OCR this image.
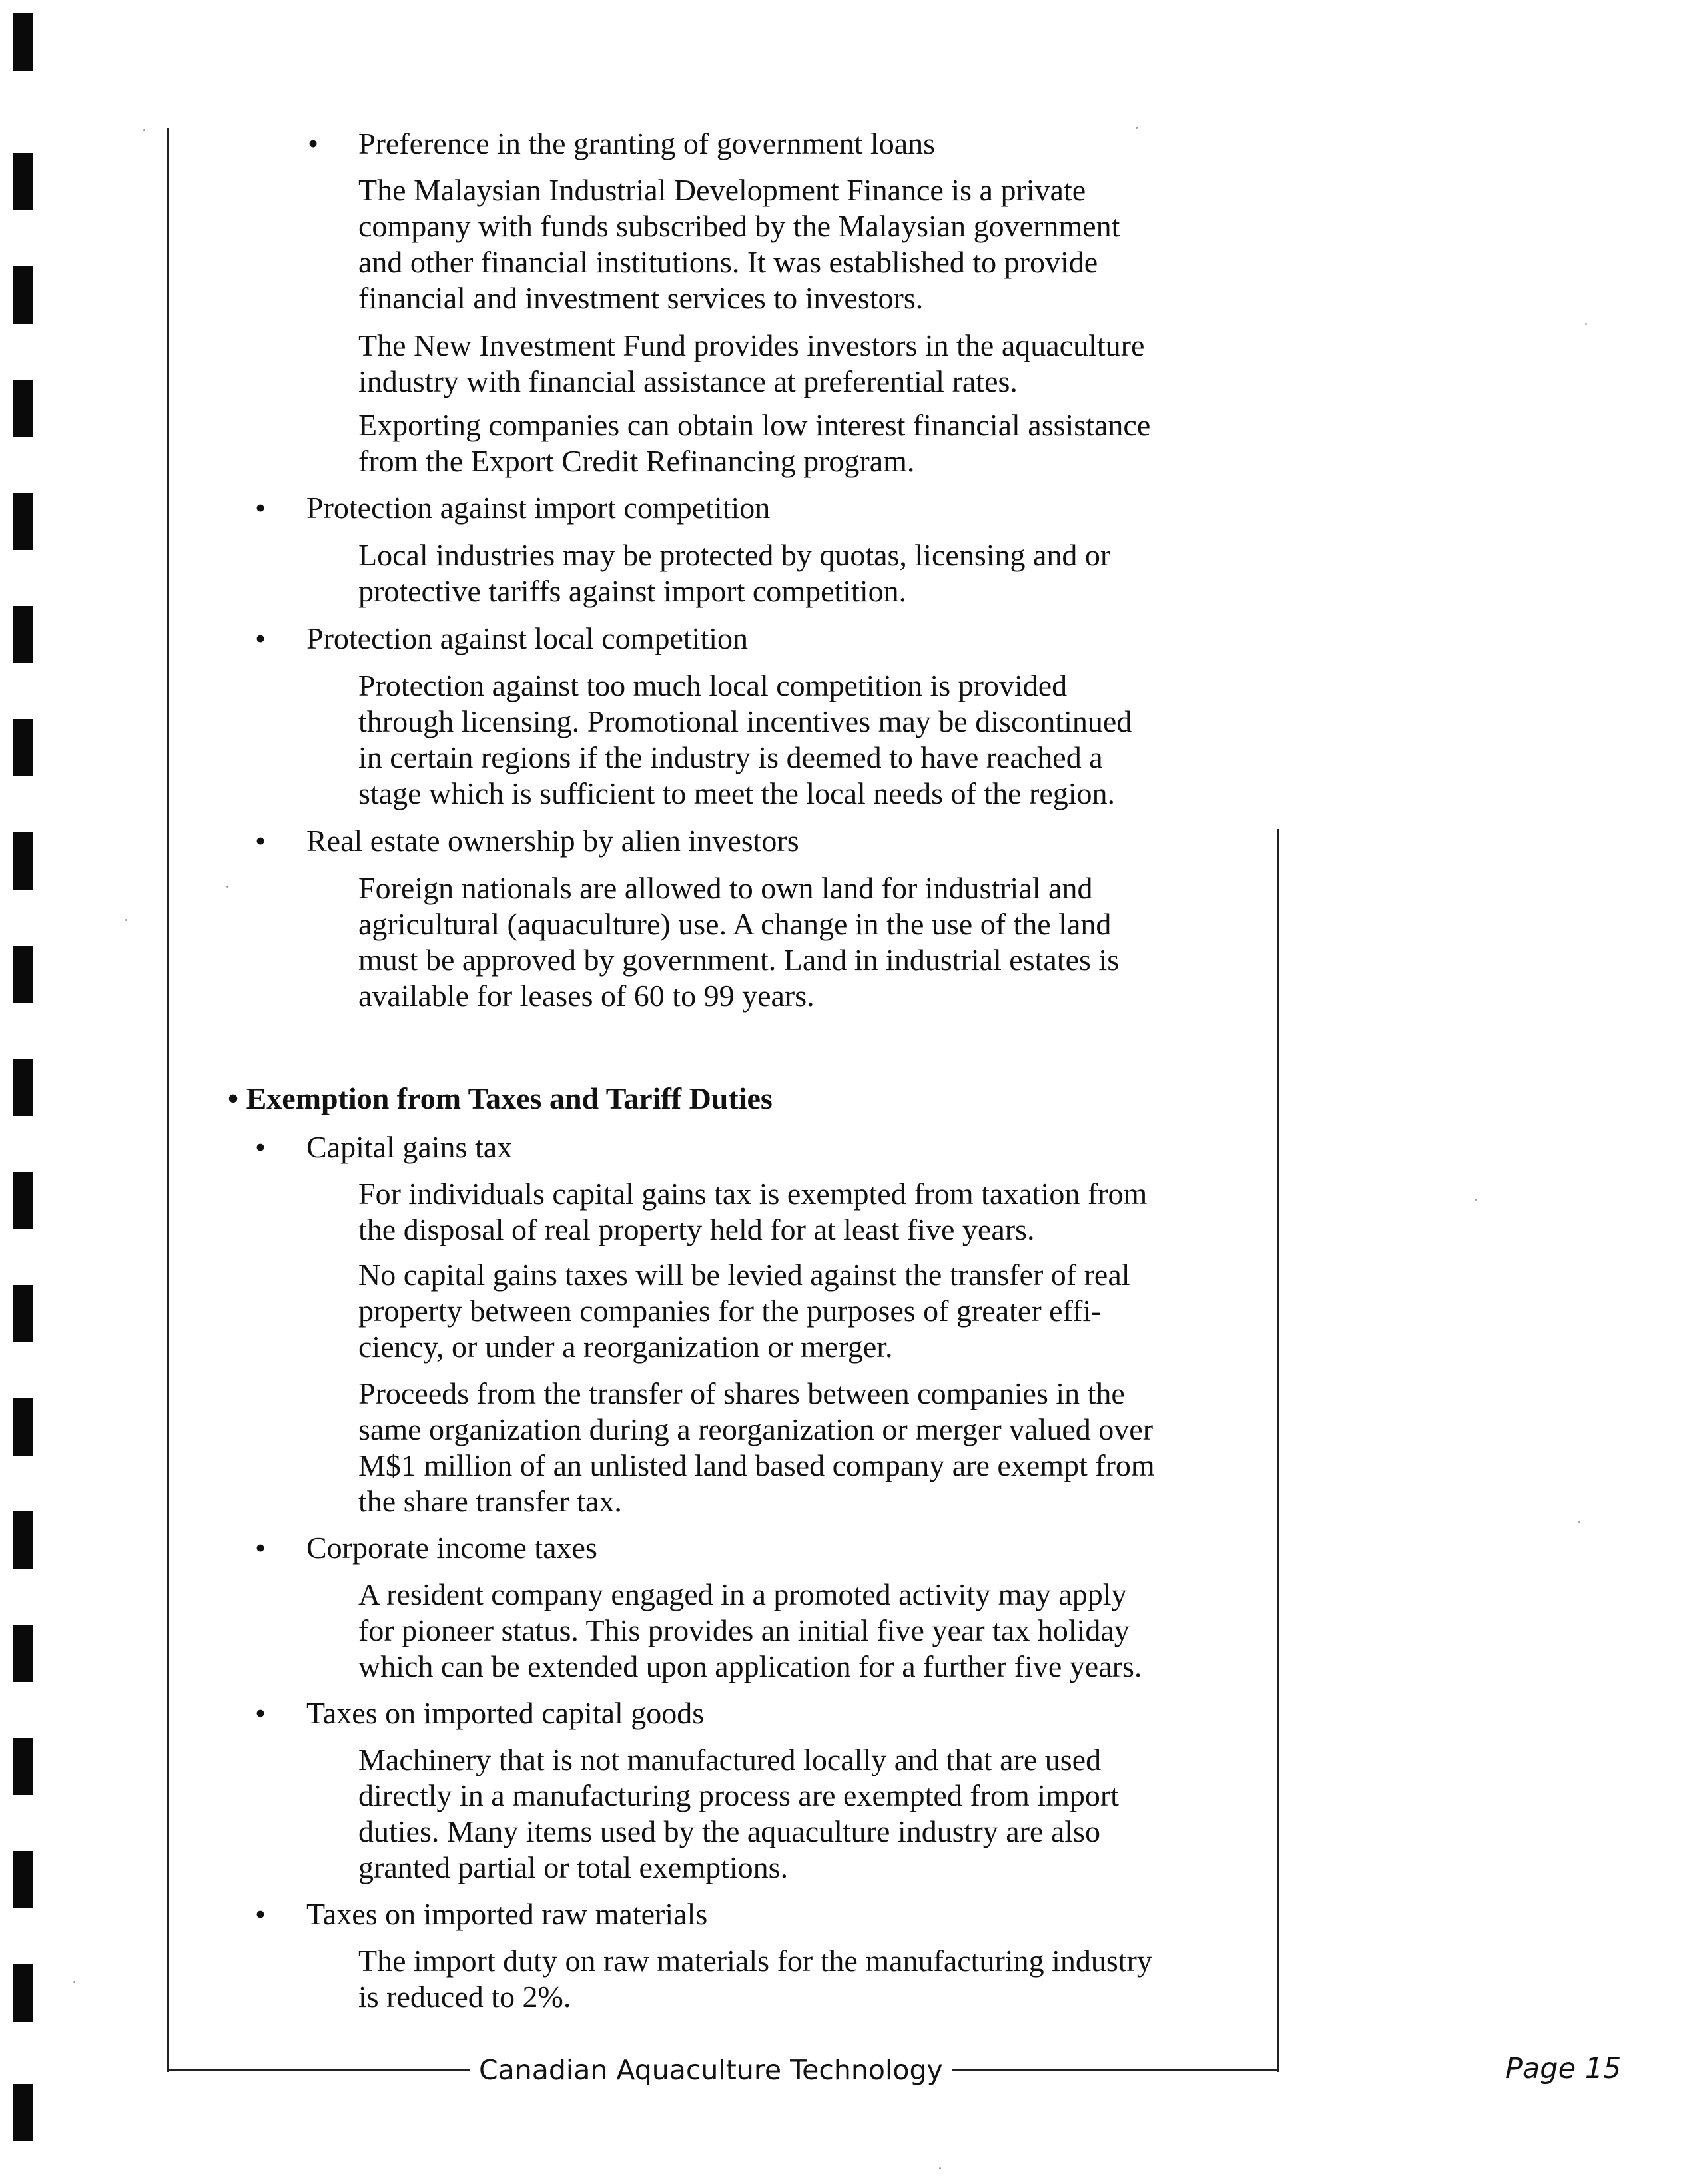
• Preference in the granting of government loans

The Malaysian Industrial Development Finance is a private

company with funds subscribed by the Malaysian government

and other financial institutions. It was established to provide

financial and investment services to investors.

The New Investment Fund provides investors in the aquaculture

industry with financial assistance at preferential rates.

Exporting companies can obtain low interest financial assistance

from the Export Credit Refinancing program.

• Protection against import competition

Local industries may be protected by quotas, licensing and or

protective tariffs against import competition.

• Protection against local competition

Protection against too much local competition is provided

through licensing. Promotional incentives may be discontinued

in certain regions if the industry is deemed to have reached a

stage which is sufficient to meet the local needs of the region.

• Real estate ownership by alien investors

Foreign nationals are allowed to own land for industrial and

agricultural (aquaculture) use. A change in the use of the land

must be approved by government. Land in industrial estates is

available for leases of 60 to 99 years.

• Exemption from Taxes and Tariff Duties

• Capital gains tax

For individuals capital gains tax is exempted from taxation from

the disposal of real property held for at least five years.

No capital gains taxes will be levied against the transfer of real

property between companies for the purposes of greater effi-

ciency, or under a reorganization or merger.

Proceeds from the transfer of shares between companies in the

same organization during a reorganization or merger valued over

M$1 million of an unlisted land based company are exempt from

the share transfer tax.

• Corporate income taxes

A resident company engaged in a promoted activity may apply

for pioneer status. This provides an initial five year tax holiday

which can be extended upon application for a further five years.

• Taxes on imported capital goods

Machinery that is not manufactured locally and that are used

directly in a manufacturing process are exempted from import

duties. Many items used by the aquaculture industry are also

granted partial or total exemptions.

• Taxes on imported raw materials

The import duty on raw materials for the manufacturing industry

is reduced to 2%.

Canadian Aquaculture Technology	Page 15
